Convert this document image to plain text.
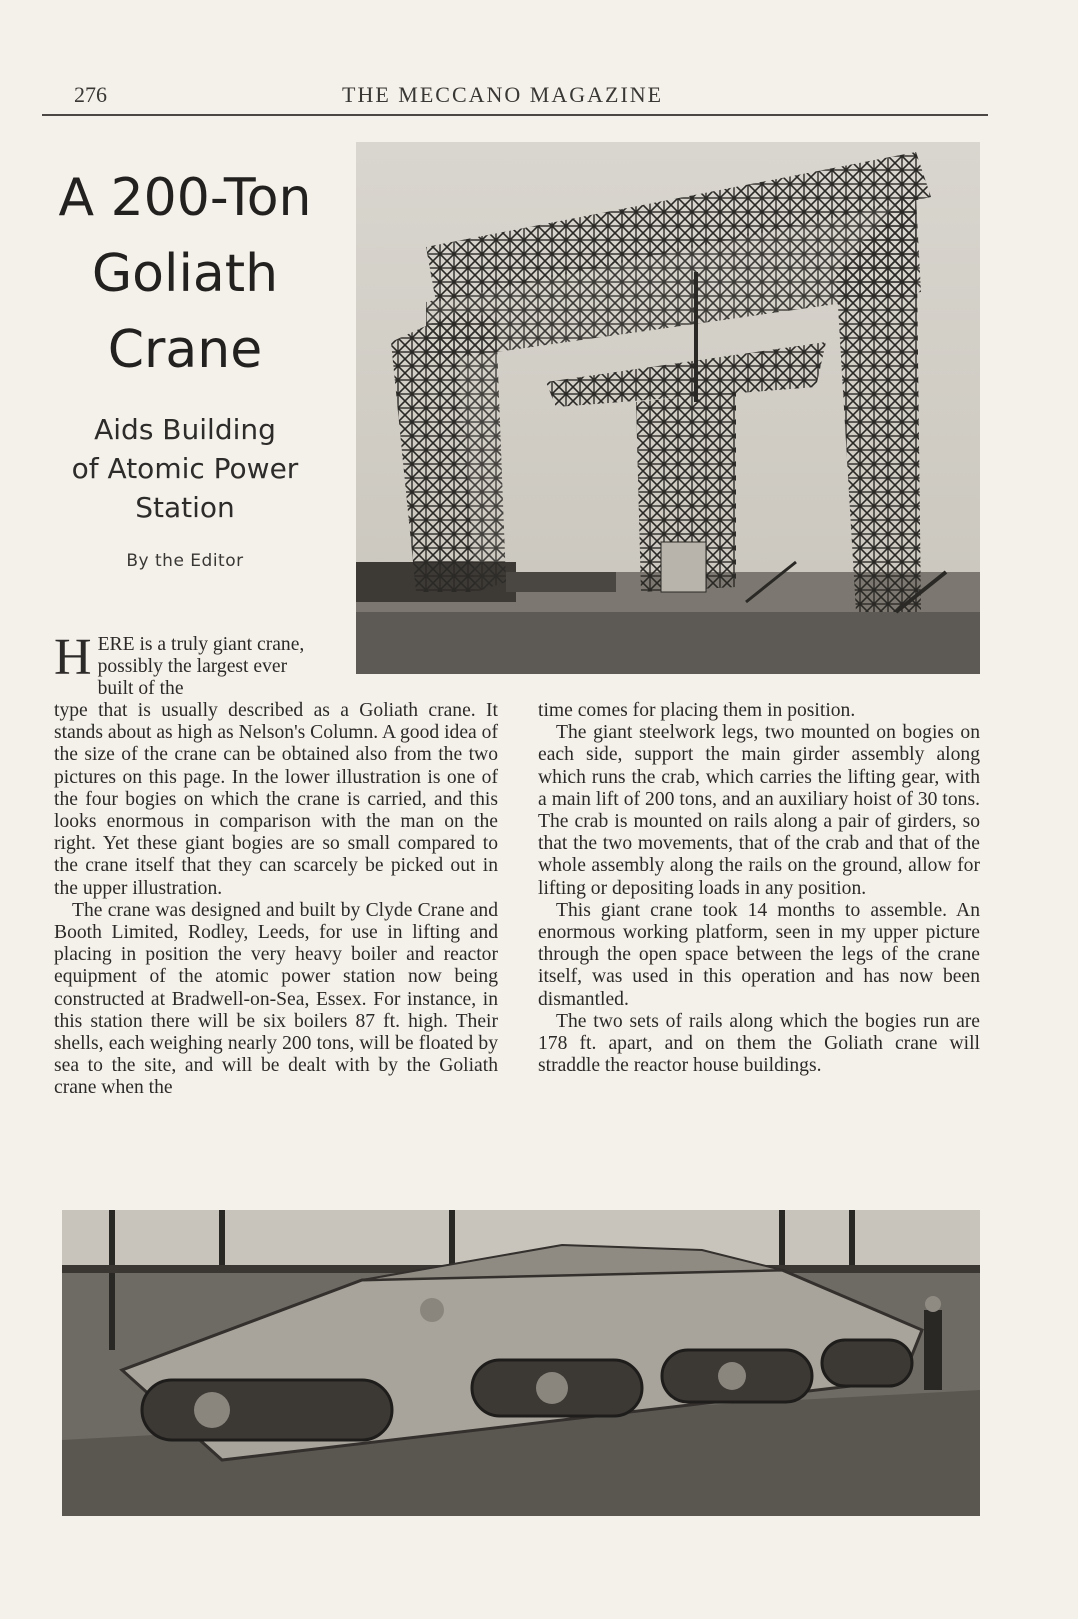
276	THE MECCANO MAGAZINE
A 200-Ton
Goliath
Crane
Aids Building
of Atomic Power
Station
By the Editor
HERE is a truly giant crane, possibly the largest ever built of the

type that is usually described as a Goliath crane. It stands about as high as Nelson's Column. A good idea of the size of the crane can be obtained also from the two pictures on this page. In the lower illustration is one of the four bogies on which the crane is carried, and this looks enormous in comparison with the man on the right. Yet these giant bogies are so small compared to the crane itself that they can scarcely be picked out in the upper illustration.

The crane was designed and built by Clyde Crane and Booth Limited, Rodley, Leeds, for use in lifting and placing in position the very heavy boiler and reactor equipment of the atomic power station now being constructed at Bradwell-on-Sea, Essex. For instance, in this station there will be six boilers 87 ft. high. Their shells, each weighing nearly 200 tons, will be floated by sea to the site, and will be dealt with by the Goliath crane when the

time comes for placing them in position.

The giant steelwork legs, two mounted on bogies on each side, support the main girder assembly along which runs the crab, which carries the lifting gear, with a main lift of 200 tons, and an auxiliary hoist of 30 tons. The crab is mounted on rails along a pair of girders, so that the two movements, that of the crab and that of the whole assembly along the rails on the ground, allow for lifting or depositing loads in any position.

This giant crane took 14 months to assemble. An enormous working platform, seen in my upper picture through the open space between the legs of the crane itself, was used in this operation and has now been dismantled.

The two sets of rails along which the bogies run are 178 ft. apart, and on them the Goliath crane will straddle the reactor house buildings.
